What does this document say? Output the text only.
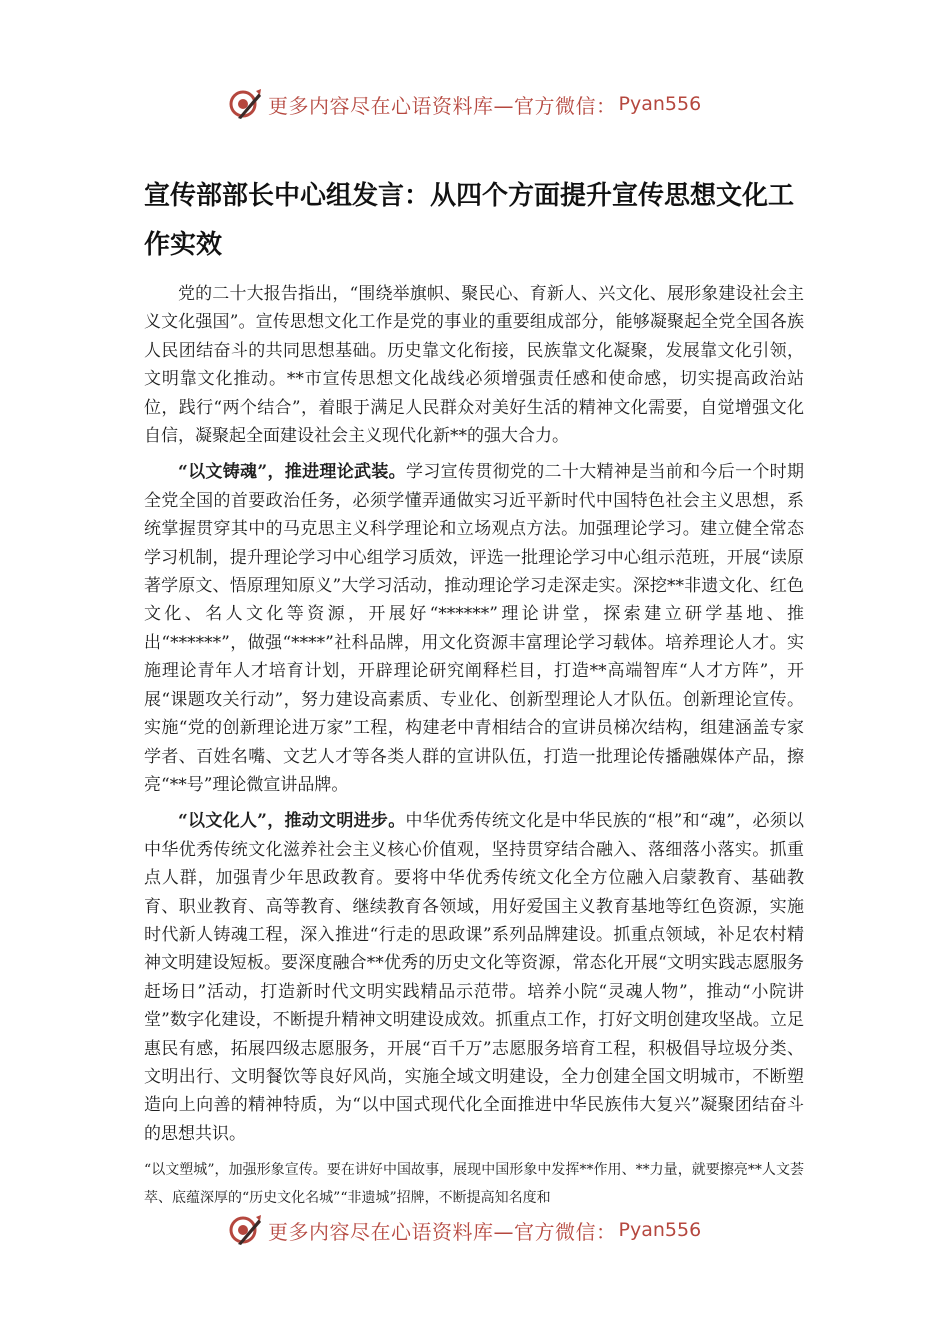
更多内容尽在心语资料库—官方微信： Pyan556
宣传部部长中心组发言：从四个方面提升宣传思想文化工作实效

党的二十大报告指出，“围绕举旗帜、聚民心、育新人、兴文化、展形象建设社会主义文化强国”。宣传思想文化工作是党的事业的重要组成部分，能够凝聚起全党全国各族人民团结奋斗的共同思想基础。历史靠文化衔接，民族靠文化凝聚，发展靠文化引领，文明靠文化推动。**市宣传思想文化战线必须增强责任感和使命感，切实提高政治站位，践行“两个结合”，着眼于满足人民群众对美好生活的精神文化需要，自觉增强文化自信，凝聚起全面建设社会主义现代化新**的强大合力。

“以文铸魂”，推进理论武装。学习宣传贯彻党的二十大精神是当前和今后一个时期全党全国的首要政治任务，必须学懂弄通做实习近平新时代中国特色社会主义思想，系统掌握贯穿其中的马克思主义科学理论和立场观点方法。加强理论学习。建立健全常态学习机制，提升理论学习中心组学习质效，评选一批理论学习中心组示范班，开展“读原著学原文、悟原理知原义”大学习活动，推动理论学习走深走实。深挖**非遗文化、红色文化、名人文化等资源，开展好“******”理论讲堂，探索建立研学基地、推出“******”，做强“****”社科品牌，用文化资源丰富理论学习载体。培养理论人才。实施理论青年人才培育计划，开辟理论研究阐释栏目，打造**高端智库“人才方阵”，开展“课题攻关行动”，努力建设高素质、专业化、创新型理论人才队伍。创新理论宣传。实施“党的创新理论进万家”工程，构建老中青相结合的宣讲员梯次结构，组建涵盖专家学者、百姓名嘴、文艺人才等各类人群的宣讲队伍，打造一批理论传播融媒体产品，擦亮“**号”理论微宣讲品牌。

“以文化人”，推动文明进步。中华优秀传统文化是中华民族的“根”和“魂”，必须以中华优秀传统文化滋养社会主义核心价值观，坚持贯穿结合融入、落细落小落实。抓重点人群，加强青少年思政教育。要将中华优秀传统文化全方位融入启蒙教育、基础教育、职业教育、高等教育、继续教育各领域，用好爱国主义教育基地等红色资源，实施时代新人铸魂工程，深入推进“行走的思政课”系列品牌建设。抓重点领域，补足农村精神文明建设短板。要深度融合**优秀的历史文化等资源，常态化开展“文明实践志愿服务赶场日”活动，打造新时代文明实践精品示范带。培养小院“灵魂人物”，推动“小院讲堂”数字化建设，不断提升精神文明建设成效。抓重点工作，打好文明创建攻坚战。立足惠民有感，拓展四级志愿服务，开展“百千万”志愿服务培育工程，积极倡导垃圾分类、文明出行、文明餐饮等良好风尚，实施全域文明建设，全力创建全国文明城市，不断塑造向上向善的精神特质，为“以中国式现代化全面推进中华民族伟大复兴”凝聚团结奋斗的思想共识。

“以文塑城”，加强形象宣传。要在讲好中国故事，展现中国形象中发挥**作用、**力量，就要擦亮**人文荟萃、底蕴深厚的“历史文化名城”“非遗城”招牌，不断提高知名度和

更多内容尽在心语资料库—官方微信： Pyan556
